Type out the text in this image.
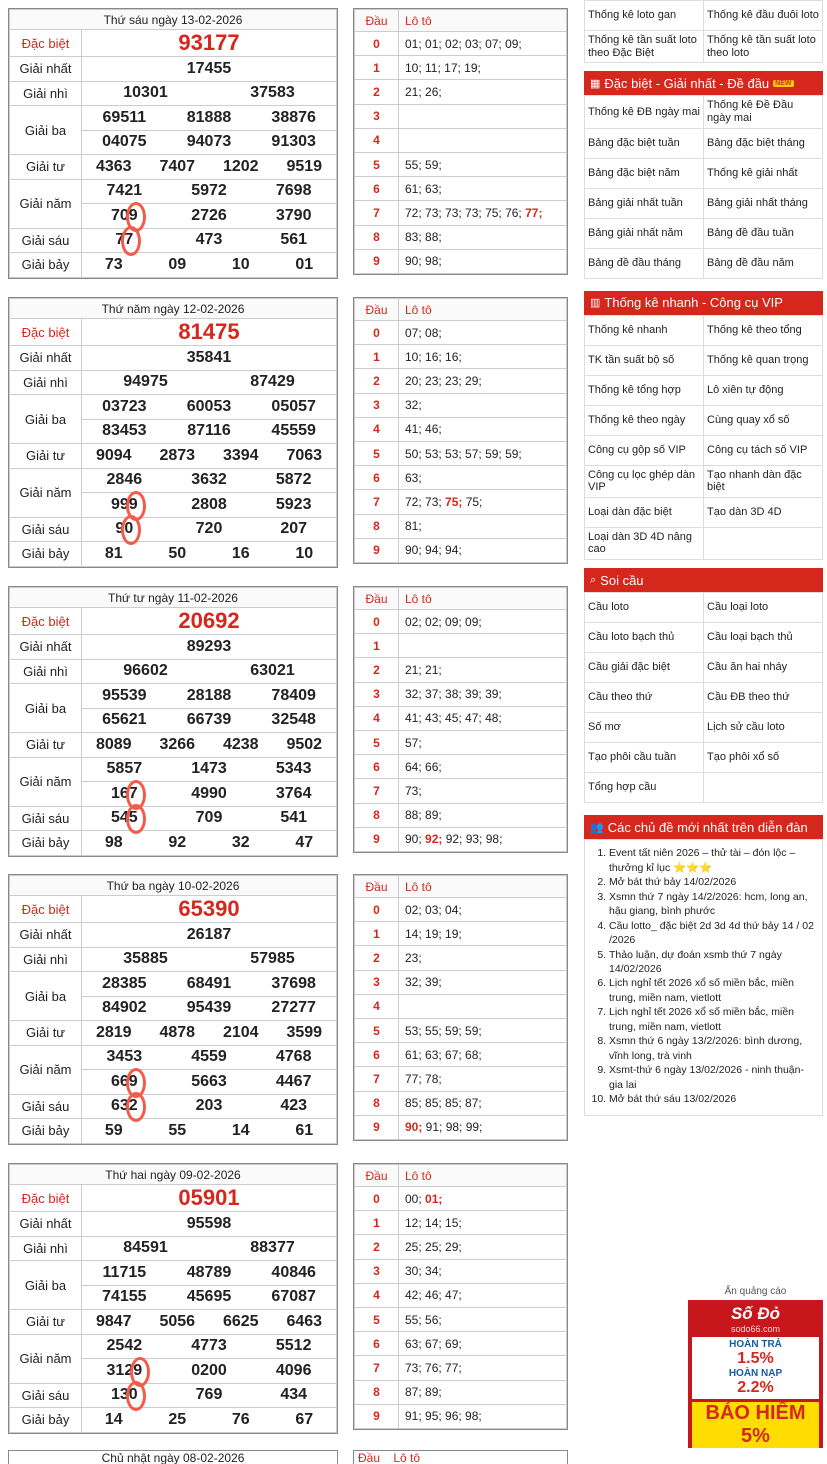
Thứ sáu ngày 13-02-2026	
Đặc biệt	93177
Giải nhất	17455
Giải nhì	10301 37583

Giải ba	69511 81888 38876

	04075 94073 91303

Giải tư	4363 7407 1202 9519

Giải năm	7421 5972 7698

	709 2726 3790

Giải sáu	77 473 561

Giải bảy	73 09 10 01
Đầu	Lô tô
0	01; 01; 02; 03; 07; 09;
1	10; 11; 17; 19;
2	21; 26;
3	
4	
5	55; 59;
6	61; 63;
7	72; 73; 73; 73; 75; 76; 77;
8	83; 88;
9	90; 98;
Thứ năm ngày 12-02-2026	
Đặc biệt	81475
Giải nhất	35841
Giải nhì	94975 87429

Giải ba	03723 60053 05057

	83453 87116 45559

Giải tư	9094 2873 3394 7063

Giải năm	2846 3632 5872

	999 2808 5923

Giải sáu	90 720 207

Giải bảy	81 50 16 10
Đầu	Lô tô
0	07; 08;
1	10; 16; 16;
2	20; 23; 23; 29;
3	32;
4	41; 46;
5	50; 53; 53; 57; 59; 59;
6	63;
7	72; 73; 75; 75;
8	81;
9	90; 94; 94;
Thứ tư ngày 11-02-2026	
Đặc biệt	20692
Giải nhất	89293
Giải nhì	96602 63021

Giải ba	95539 28188 78409

	65621 66739 32548

Giải tư	8089 3266 4238 9502

Giải năm	5857 1473 5343

	167 4990 3764

Giải sáu	545 709 541

Giải bảy	98 92 32 47
Đầu	Lô tô
0	02; 02; 09; 09;
1	
2	21; 21;
3	32; 37; 38; 39; 39;
4	41; 43; 45; 47; 48;
5	57;
6	64; 66;
7	73;
8	88; 89;
9	90; 92; 92; 93; 98;
Thứ ba ngày 10-02-2026	
Đặc biệt	65390
Giải nhất	26187
Giải nhì	35885 57985

Giải ba	28385 68491 37698

	84902 95439 27277

Giải tư	2819 4878 2104 3599

Giải năm	3453 4559 4768

	669 5663 4467

Giải sáu	632 203 423

Giải bảy	59 55 14 61
Đầu	Lô tô
0	02; 03; 04;
1	14; 19; 19;
2	23;
3	32; 39;
4	
5	53; 55; 59; 59;
6	61; 63; 67; 68;
7	77; 78;
8	85; 85; 85; 87;
9	90; 91; 98; 99;
Thứ hai ngày 09-02-2026	
Đặc biệt	05901
Giải nhất	95598
Giải nhì	84591 88377

Giải ba	11715 48789 40846

	74155 45695 67087

Giải tư	9847 5056 6625 6463

Giải năm	2542 4773 5512

	3129 0200 4096

Giải sáu	130 769 434

Giải bảy	14 25 76 67
Đầu	Lô tô
0	00; 01;
1	12; 14; 15;
2	25; 25; 29;
3	30; 34;
4	42; 46; 47;
5	55; 56;
6	63; 67; 69;
7	73; 76; 77;
8	87; 89;
9	91; 95; 96; 98;
Chủ nhật ngày 08-02-2026	Đầu Lô tô
Thống kê loto gan	Thống kê đầu đuôi loto
Thống kê tần suất loto theo Đặc Biệt	Thống kê tần suất loto theo loto
▦ Đặc biệt - Giải nhất - Đề đầu NEW
Thống kê ĐB ngày mai	Thống kê Đề Đầu ngày mai
Bảng đặc biệt tuần	Bảng đặc biệt tháng
Bảng đặc biệt năm	Thống kê giải nhất
Bảng giải nhất tuần	Bảng giải nhất tháng
Bảng giải nhất năm	Bảng đề đầu tuần
Bảng đề đầu tháng	Bảng đề đầu năm
▥ Thống kê nhanh - Công cụ VIP
Thống kê nhanh	Thống kê theo tổng
TK tần suất bộ số	Thống kê quan trọng
Thống kê tổng hợp	Lô xiên tự động
Thống kê theo ngày	Cùng quay xổ số
Công cụ gộp số VIP	Công cụ tách số VIP
Công cụ lọc ghép dàn VIP	Tạo nhanh dàn đặc biệt
Loại dàn đặc biệt	Tạo dàn 3D 4D
Loại dàn 3D 4D nâng cao	
⌕ Soi cầu
Cầu loto	Cầu loại loto
Cầu loto bạch thủ	Cầu loại bạch thủ
Cầu giải đặc biệt	Cầu ăn hai nháy
Cầu theo thứ	Cầu ĐB theo thứ
Số mơ	Lịch sử cầu loto
Tạo phôi cầu tuần	Tạo phôi xổ số
Tổng hợp cầu	
👥 Các chủ đề mới nhất trên diễn đàn
1. Event tất niên 2026 – thử tài – đón lộc – thưởng kỉ lục ⭐⭐⭐
2. Mở bát thứ bảy 14/02/2026
3. Xsmn thứ 7 ngày 14/2/2026: hcm, long an, hậu giang, bình phước
4. Cầu lotto_ đặc biệt 2d 3d 4d thứ bảy 14 / 02 /2026
5. Thảo luận, dự đoán xsmb thứ 7 ngày 14/02/2026
6. Lịch nghỉ tết 2026 xổ số miền bắc, miền trung, miền nam, vietlott
7. Lịch nghỉ tết 2026 xổ số miền bắc, miền trung, miền nam, vietlott
8. Xsmn thứ 6 ngày 13/2/2026: bình dương, vĩnh long, trà vinh
9. Xsmt-thứ 6 ngày 13/02/2026 - ninh thuận-gia lai
10. Mở bát thứ sáu 13/02/2026
Ẩn quảng cáo
Số Đỏ
sodo66.com
HOÀN TRẢ
1.5%
HOÀN NẠP
2.2%
BẢO HIỂM 5%
